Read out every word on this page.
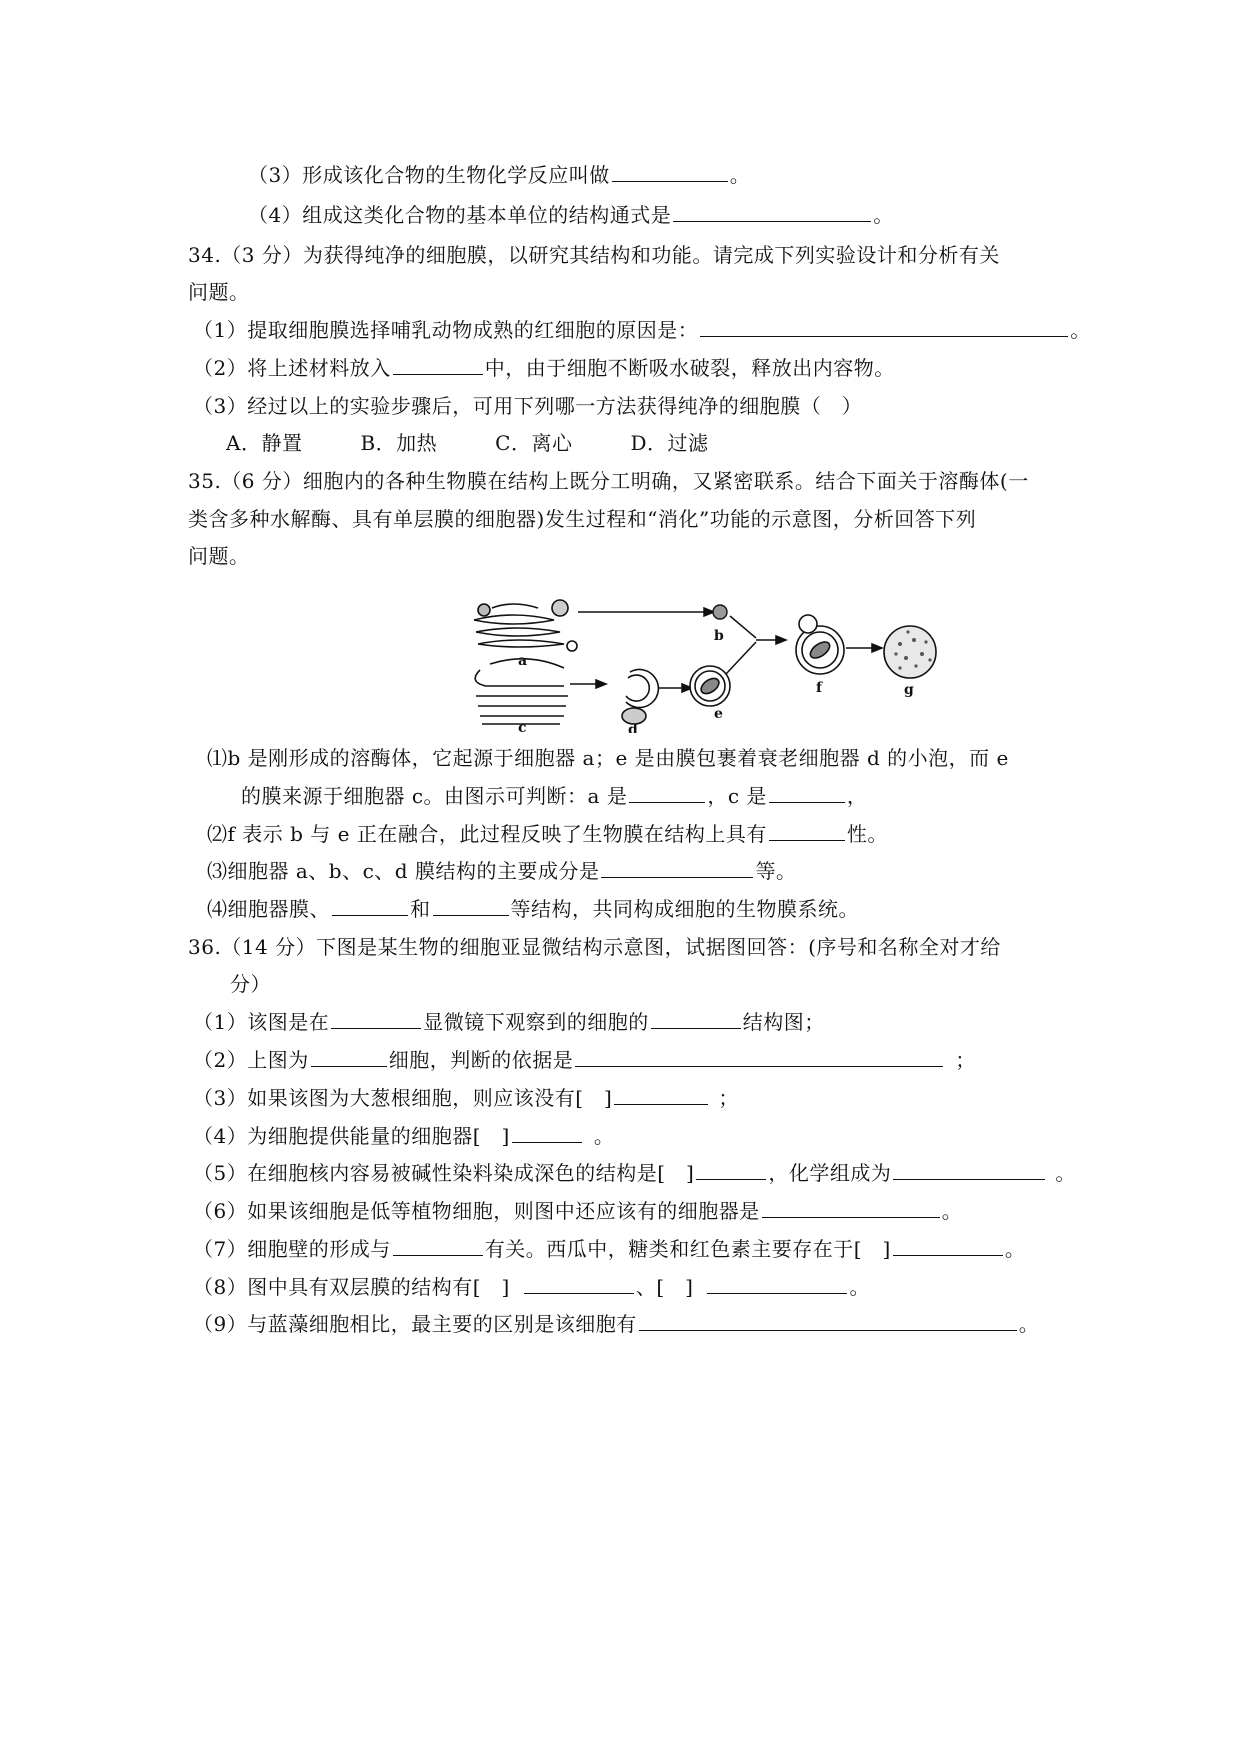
（3）形成该化合物的生物化学反应叫做	。
（4）组成这类化合物的基本单位的结构通式是	。
34.（3 分）为获得纯净的细胞膜，以研究其结构和功能。请完成下列实验设计和分析有关
问题。
（1）提取细胞膜选择哺乳动物成熟的红细胞的原因是：	。
（2）将上述材料放入	中，由于细胞不断吸水破裂，释放出内容物。
（3）经过以上的实验步骤后，可用下列哪一方法获得纯净的细胞膜（　）
A．静置	B．加热	C．离心	D．过滤
35.（6 分）细胞内的各种生物膜在结构上既分工明确，又紧密联系。结合下面关于溶酶体(一
类含多种水解酶、具有单层膜的细胞器)发生过程和“消化”功能的示意图，分析回答下列
问题。
a
b
c	d
e
f	g
⑴b 是刚形成的溶酶体，它起源于细胞器 a；e 是由膜包裹着衰老细胞器 d 的小泡，而 e
的膜来源于细胞器 c。由图示可判断：a 是	，c 是	，
⑵f 表示 b 与 e 正在融合，此过程反映了生物膜在结构上具有	性。
⑶细胞器 a、b、c、d 膜结构的主要成分是	等。
⑷细胞器膜、	和	等结构，共同构成细胞的生物膜系统。
36.（14 分）下图是某生物的细胞亚显微结构示意图，试据图回答：(序号和名称全对才给
分）
（1）该图是在	显微镜下观察到的细胞的	结构图；
（2）上图为	细胞，判断的依据是	；
（3）如果该图为大葱根细胞，则应该没有[　]	；
（4）为细胞提供能量的细胞器[　]	。
（5）在细胞核内容易被碱性染料染成深色的结构是[　]	，化学组成为	。
（6）如果该细胞是低等植物细胞，则图中还应该有的细胞器是	。
（7）细胞壁的形成与	有关。西瓜中，糖类和红色素主要存在于[　]	。
（8）图中具有双层膜的结构有[　]	、[　]	。
（9）与蓝藻细胞相比，最主要的区别是该细胞有	。
